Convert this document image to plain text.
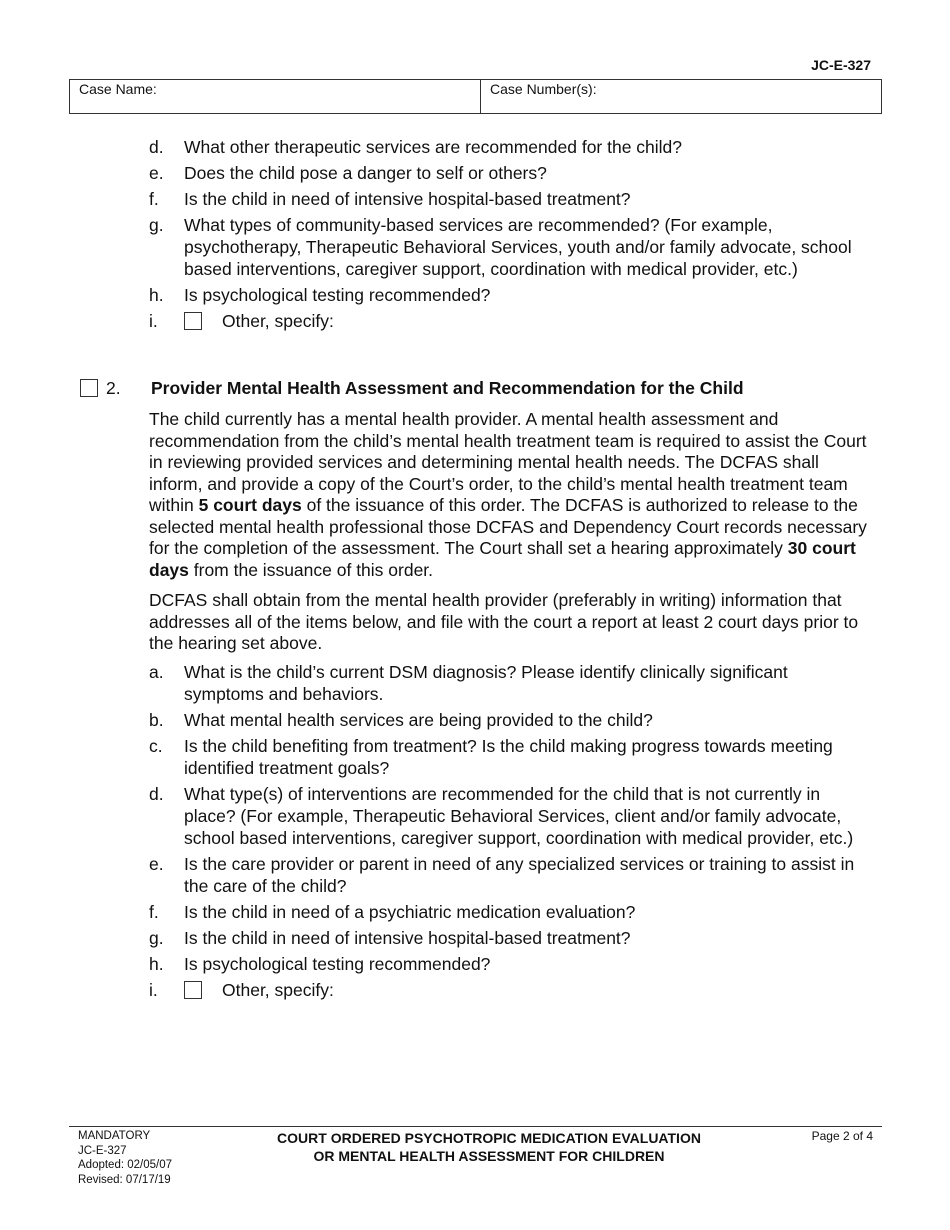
JC-E-327
Case Name:	Case Number(s):
d.	What other therapeutic services are recommended for the child?
e.	Does the child pose a danger to self or others?
f.	Is the child in need of intensive hospital-based treatment?
g.	What types of community-based services are recommended? (For example, psychotherapy, Therapeutic Behavioral Services, youth and/or family advocate, school based interventions, caregiver support, coordination with medical provider, etc.)
h.	Is psychological testing recommended?
i.	Other, specify:
2.	Provider Mental Health Assessment and Recommendation for the Child

The child currently has a mental health provider. A mental health assessment and recommendation from the child’s mental health treatment team is required to assist the Court in reviewing provided services and determining mental health needs. The DCFAS shall inform, and provide a copy of the Court’s order, to the child’s mental health treatment team within 5 court days of the issuance of this order. The DCFAS is authorized to release to the selected mental health professional those DCFAS and Dependency Court records necessary for the completion of the assessment. The Court shall set a hearing approximately 30 court days from the issuance of this order.

DCFAS shall obtain from the mental health provider (preferably in writing) information that addresses all of the items below, and file with the court a report at least 2 court days prior to the hearing set above.

a.	What is the child’s current DSM diagnosis? Please identify clinically significant symptoms and behaviors.
b.	What mental health services are being provided to the child?
c.	Is the child benefiting from treatment? Is the child making progress towards meeting identified treatment goals?
d.	What type(s) of interventions are recommended for the child that is not currently in place? (For example, Therapeutic Behavioral Services, client and/or family advocate, school based interventions, caregiver support, coordination with medical provider, etc.)
e.	Is the care provider or parent in need of any specialized services or training to assist in the care of the child?
f.	Is the child in need of a psychiatric medication evaluation?
g.	Is the child in need of intensive hospital-based treatment?
h.	Is psychological testing recommended?
i.	Other, specify:
MANDATORY
JC-E-327
Adopted: 02/05/07
Revised: 07/17/19
COURT ORDERED PSYCHOTROPIC MEDICATION EVALUATION
OR MENTAL HEALTH ASSESSMENT FOR CHILDREN
Page 2 of 4
